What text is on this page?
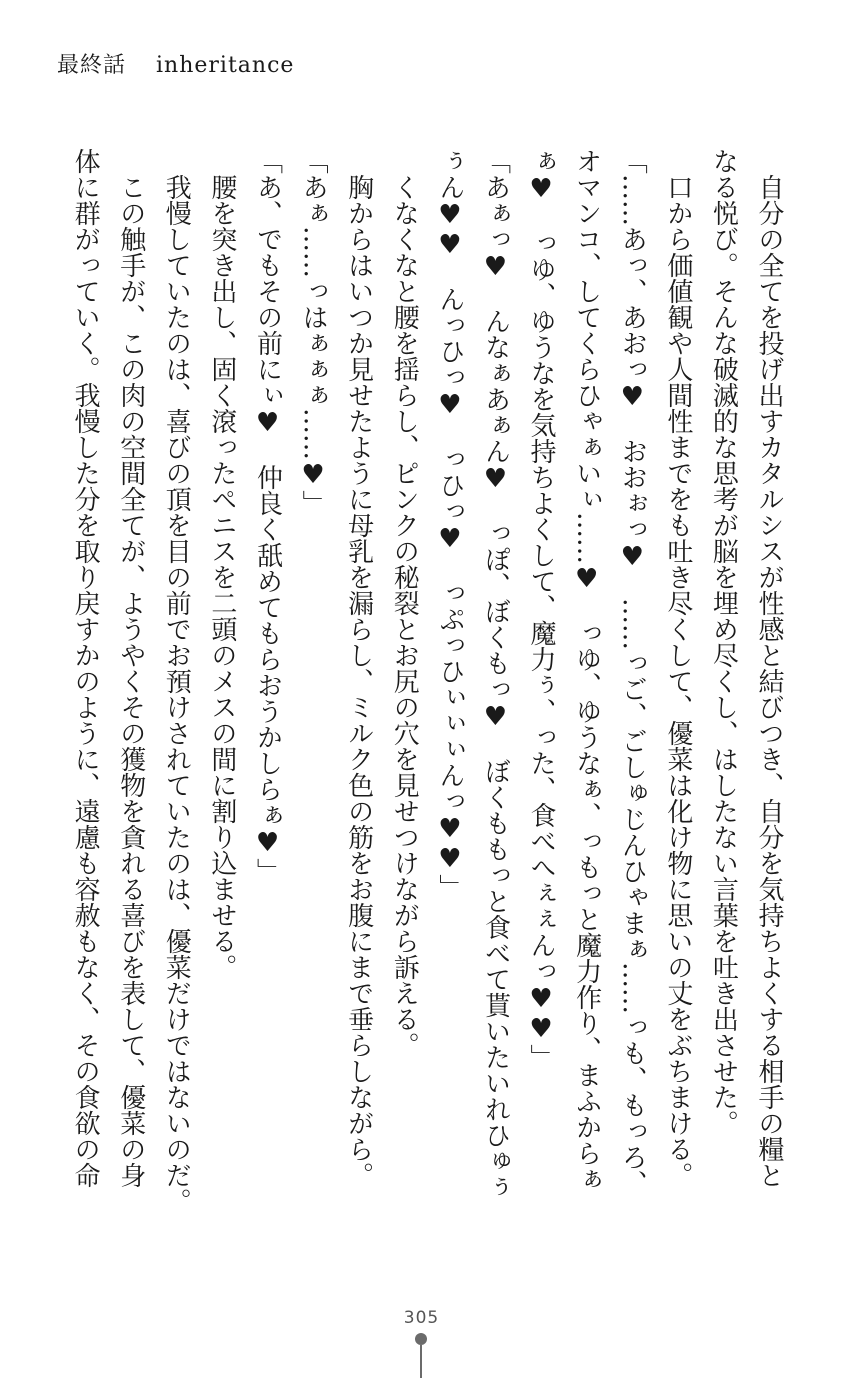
最終話 inheritance

自分の全てを投げ出すカタルシスが性感と結びつき、自分を気持ちよくする相手の糧と

なる悦び。そんな破滅的な思考が脳を埋め尽くし、はしたない言葉を吐き出させた。

口から価値観や人間性までをも吐き尽くして、優菜は化け物に思いの丈をぶちまける。

「……あっ、あおっ♥　おおぉっ♥　……っご、ごしゅじんひゃまぁ……っも、もっろ、

オマンコ、してくらひゃぁいぃ……♥　っゆ、ゆうなぁ、っもっと魔力作り、まふからぁ

ぁ♥　っゆ、ゆうなを気持ちよくして、魔力ぅ、った、食べへぇぇんっ♥♥」

「あぁっ♥　んなぁあぁん♥　っぽ、ぼくもっ♥　ぼくももっと食べて貰いたいれひゅぅ

ぅん♥♥　んっひっ♥　っひっ♥　っぷっひぃぃぃんっ♥♥」

くなくなと腰を揺らし、ピンクの秘裂とお尻の穴を見せつけながら訴える。

胸からはいつか見せたように母乳を漏らし、ミルク色の筋をお腹にまで垂らしながら。

「あぁ……っはぁぁぁ……♥」

「あ、でもその前にぃ♥　仲良く舐めてもらおうかしらぁ♥」

腰を突き出し、固く滾ったペニスを二頭のメスの間に割り込ませる。

我慢していたのは、喜びの頂を目の前でお預けされていたのは、優菜だけではないのだ。

この触手が、この肉の空間全てが、ようやくその獲物を貪れる喜びを表して、優菜の身

体に群がっていく。我慢した分を取り戻すかのように、遠慮も容赦もなく、その食欲の命

305
